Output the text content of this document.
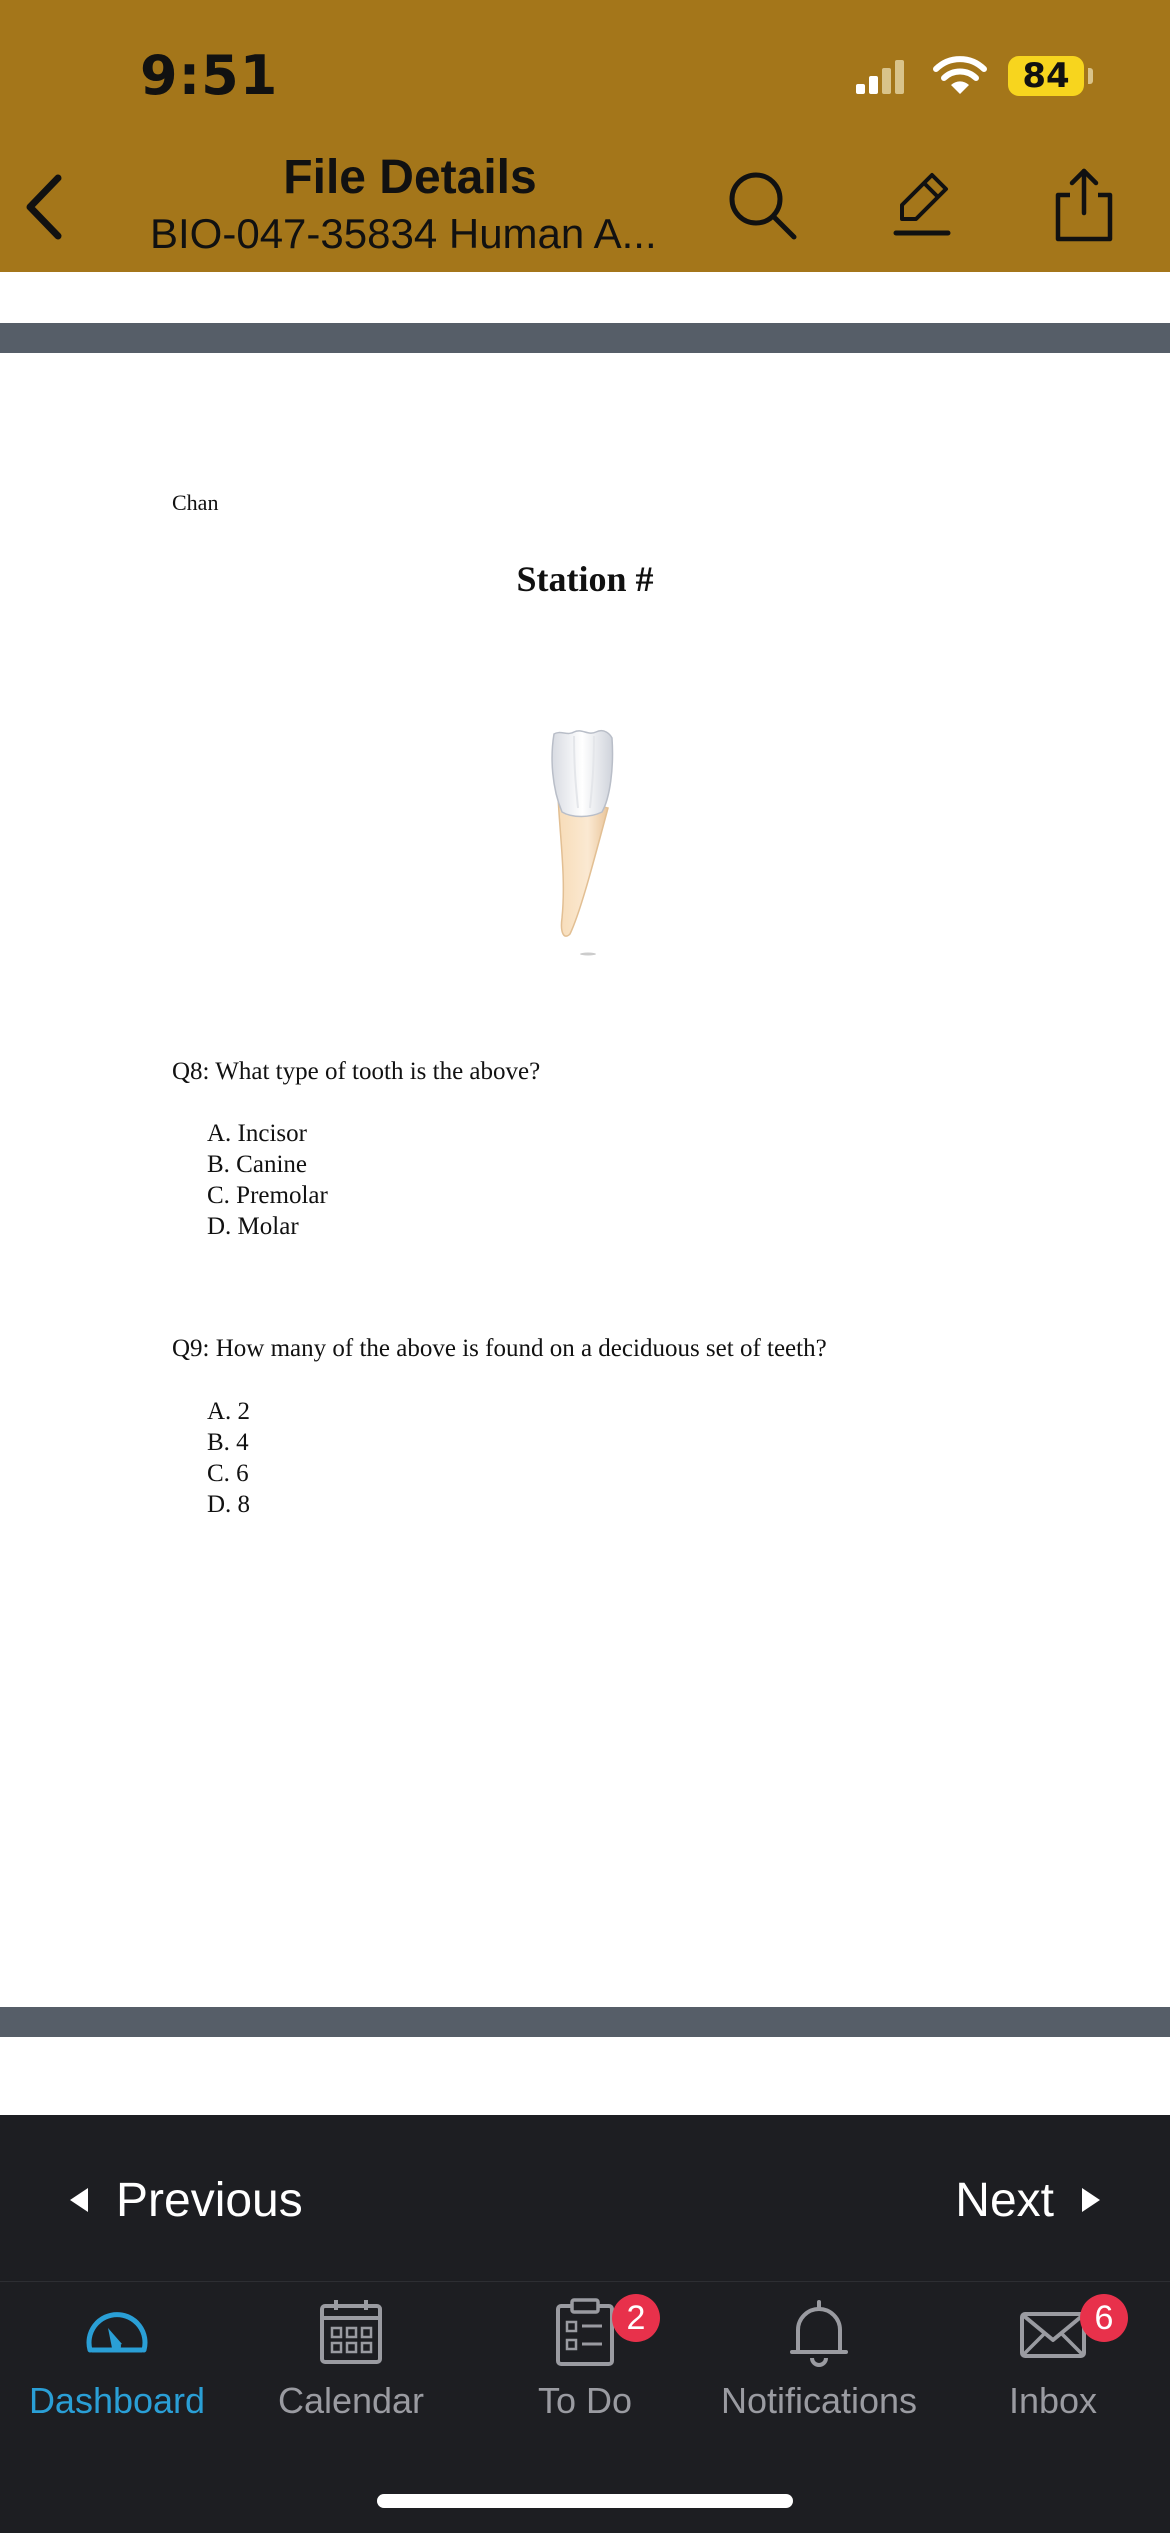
9:51	84
File Details
BIO-047-35834 Human A...
Chan
Station #
Q8: What type of tooth is the above?
A. Incisor
B. Canine
C. Premolar
D. Molar
Q9: How many of the above is found on a deciduous set of teeth?
A. 2
B. 4
C. 6
D. 8
Previous	Next
Dashboard	Calendar
2
To Do	Notifications
6
Inbox
